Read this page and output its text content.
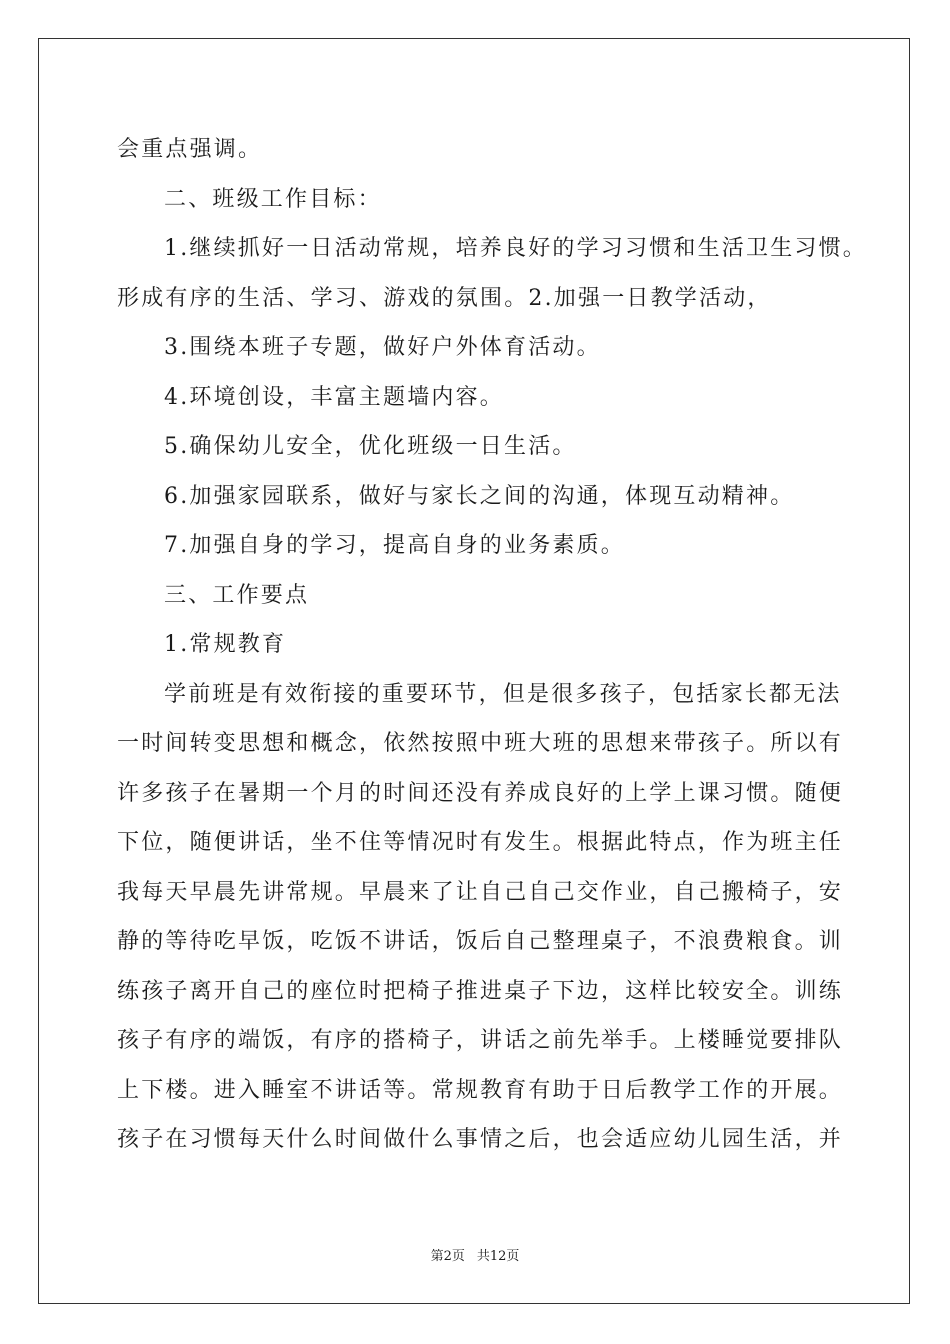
会重点强调。
二、班级工作目标：
1.继续抓好一日活动常规，培养良好的学习习惯和生活卫生习惯。
形成有序的生活、学习、游戏的氛围。2.加强一日教学活动，
3.围绕本班子专题，做好户外体育活动。
4.环境创设，丰富主题墙内容。
5.确保幼儿安全，优化班级一日生活。
6.加强家园联系，做好与家长之间的沟通，体现互动精神。
7.加强自身的学习，提高自身的业务素质。
三、工作要点
1.常规教育
学前班是有效衔接的重要环节，但是很多孩子，包括家长都无法
一时间转变思想和概念，依然按照中班大班的思想来带孩子。所以有
许多孩子在暑期一个月的时间还没有养成良好的上学上课习惯。随便
下位，随便讲话，坐不住等情况时有发生。根据此特点，作为班主任
我每天早晨先讲常规。早晨来了让自己自己交作业，自己搬椅子，安
静的等待吃早饭，吃饭不讲话，饭后自己整理桌子，不浪费粮食。训
练孩子离开自己的座位时把椅子推进桌子下边，这样比较安全。训练
孩子有序的端饭，有序的搭椅子，讲话之前先举手。上楼睡觉要排队
上下楼。进入睡室不讲话等。常规教育有助于日后教学工作的开展。
孩子在习惯每天什么时间做什么事情之后，也会适应幼儿园生活，并
第2页 共12页
